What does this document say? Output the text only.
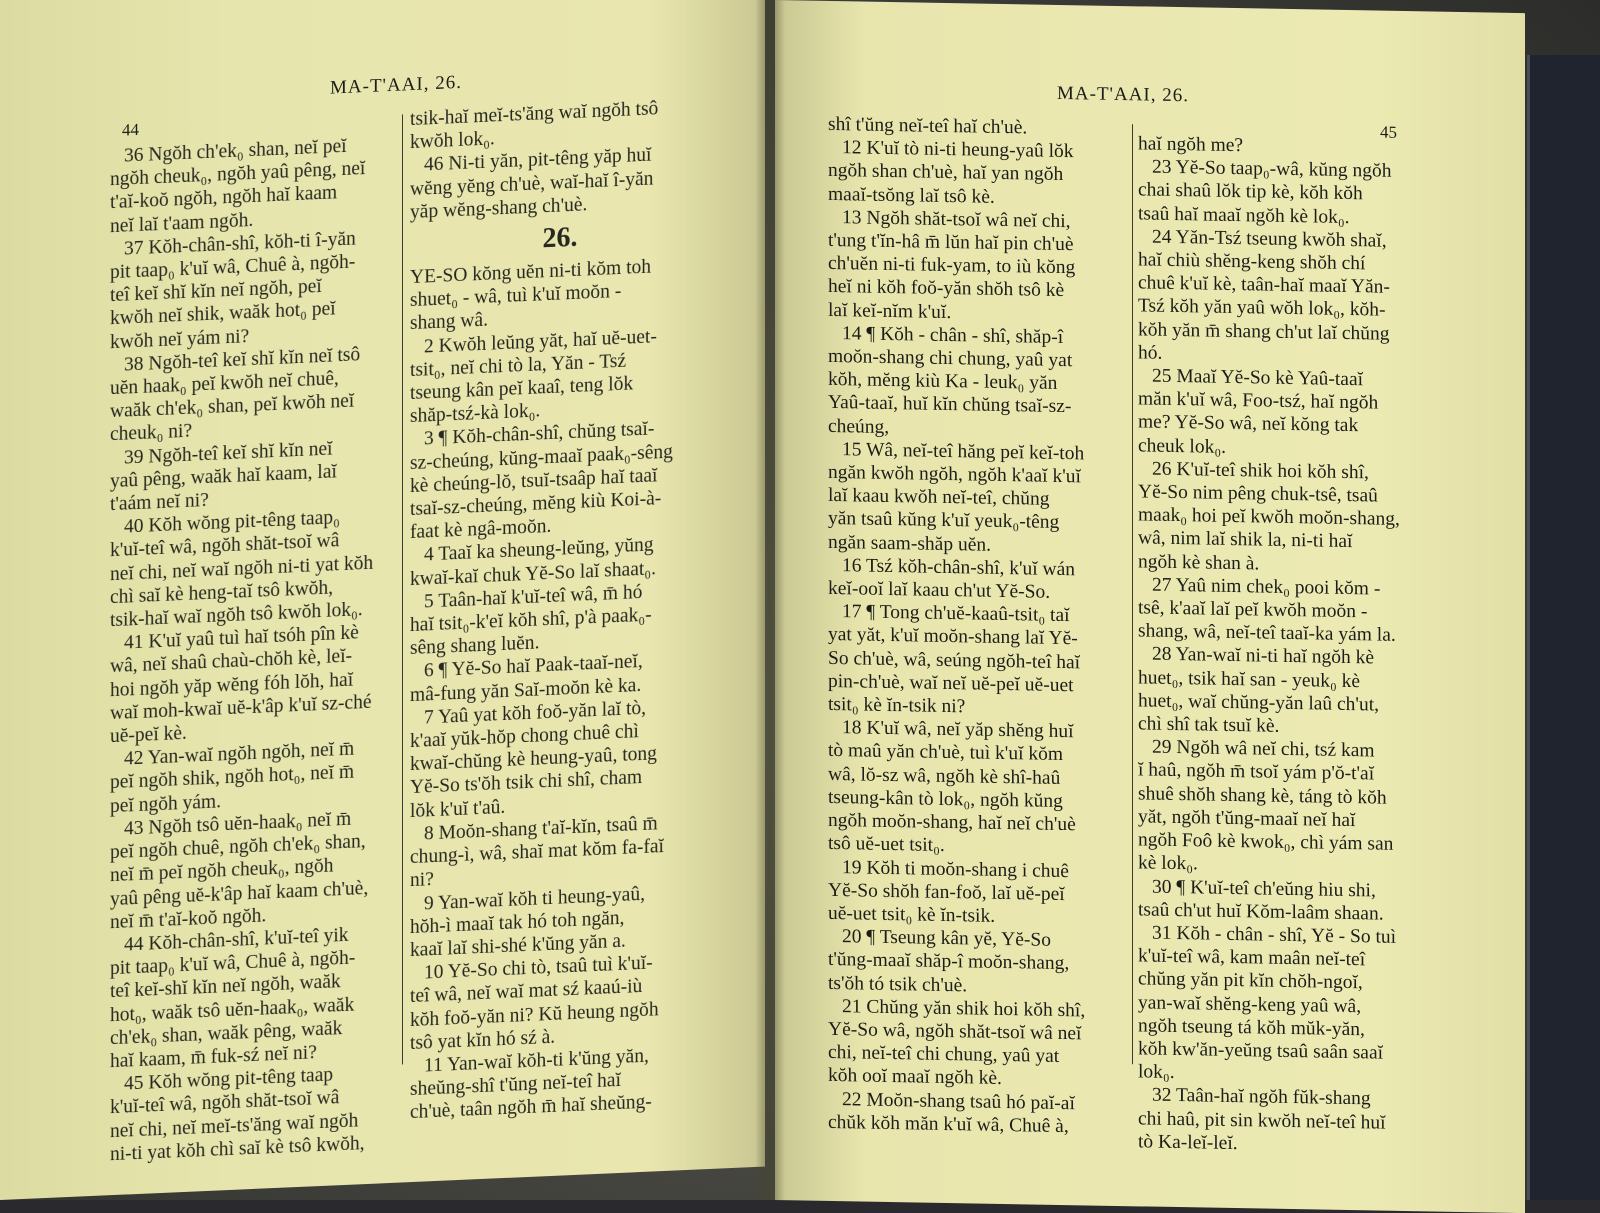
MA-T'AAI, 26.
44
36 Ngŏh ch'ek₀ shan, neĭ peĭ
ngŏh cheuk₀, ngŏh yaû pêng, neĭ
t'aĭ-koŏ ngŏh, ngŏh haĭ kaam
neĭ laĭ t'aam ngŏh.
37 Kŏh-chân-shî, kŏh-ti î-yăn
pit taap₀ k'uĭ wâ, Chuê à, ngŏh-
teî keĭ shĭ kĭn neĭ ngŏh, peĭ
kwŏh neĭ shik, waăk hot₀ peĭ
kwŏh neĭ yám ni?
38 Ngŏh-teî keĭ shĭ kĭn neĭ tsô
uĕn haak₀ peĭ kwŏh neĭ chuê,
waăk ch'ek₀ shan, peĭ kwŏh neĭ
cheuk₀ ni?
39 Ngŏh-teî keĭ shĭ kĭn neĭ
yaû pêng, waăk haĭ kaam, laĭ
t'aám neĭ ni?
40 Kŏh wŏng pit-têng taap₀
k'uĭ-teî wâ, ngŏh shăt-tsoĭ wâ
neĭ chi, neĭ waĭ ngŏh ni-ti yat kŏh
chì saĭ kè heng-taĭ tsô kwŏh,
tsik-haĭ waĭ ngŏh tsô kwŏh lok₀.
41 K'uĭ yaû tuì haĭ tsóh pîn kè
wâ, neĭ shaû chaù-chŏh kè, leĭ-
hoi ngŏh yăp wĕng fóh lŏh, haĭ
waĭ moh-kwaĭ uĕ-k'âp k'uĭ sz-ché
uĕ-peĭ kè.
42 Yan-waĭ ngŏh ngŏh, neĭ m̄
peĭ ngŏh shik, ngŏh hot₀, neĭ m̄
peĭ ngŏh yám.
43 Ngŏh tsô uĕn-haak₀ neĭ m̄
peĭ ngŏh chuê, ngŏh ch'ek₀ shan,
neĭ m̄ peĭ ngŏh cheuk₀, ngŏh
yaû pêng uĕ-k'âp haĭ kaam ch'uè,
neĭ m̄ t'aĭ-koŏ ngŏh.
44 Kŏh-chân-shî, k'uĭ-teî yik
pit taap₀ k'uĭ wâ, Chuê à, ngŏh-
teî keĭ-shĭ kĭn neĭ ngŏh, waăk
hot₀, waăk tsô uĕn-haak₀, waăk
ch'ek₀ shan, waăk pêng, waăk
haĭ kaam, m̄ fuk-sź neĭ ni?
45 Kŏh wŏng pit-têng taap
k'uĭ-teî wâ, ngŏh shăt-tsoĭ wâ
neĭ chi, neĭ meĭ-ts'ăng waĭ ngŏh
ni-ti yat kŏh chì saĭ kè tsô kwŏh,
tsik-haĭ meĭ-ts'ăng waĭ ngŏh tsô
kwŏh lok₀.
46 Ni-ti yăn, pit-têng yăp huĭ
wĕng yĕng ch'uè, waĭ-haĭ î-yăn
yăp wĕng-shang ch'uè.
26.
YE-SO kŏng uĕn ni-ti kŏm toh
shuet₀ - wâ, tuì k'uĭ moŏn -
shang wâ.
2 Kwŏh leŭng yăt, haĭ uĕ-uet-
tsit₀, neĭ chi tò la, Yăn - Tsź
tseung kân peĭ kaaî, teng lŏk
shăp-tsź-kà lok₀.
3 ¶ Kŏh-chân-shî, chŭng tsaĭ-
sz-cheúng, kŭng-maaĭ paak₀-sêng
kè cheúng-lŏ, tsuĭ-tsaâp haĭ taaĭ
tsaĭ-sz-cheúng, mĕng kiù Koi-à-
faat kè ngâ-moŏn.
4 Taaĭ ka sheung-leŭng, yŭng
kwaĭ-kaĭ chuk Yĕ-So laĭ shaat₀.
5 Taân-haĭ k'uĭ-teî wâ, m̄ hó
haĭ tsit₀-k'eĭ kŏh shî, p'à paak₀-
sêng shang luĕn.
6 ¶ Yĕ-So haĭ Paak-taaĭ-neĭ,
mâ-fung yăn Saĭ-moŏn kè ka.
7 Yaû yat kŏh foŏ-yăn laĭ tò,
k'aaĭ yŭk-hŏp chong chuê chì
kwaĭ-chŭng kè heung-yaû, tong
Yĕ-So ts'ŏh tsik chi shî, cham
lŏk k'uĭ t'aû.
8 Moŏn-shang t'aĭ-kĭn, tsaû m̄
chung-ì, wâ, shaĭ mat kŏm fa-faĭ
ni?
9 Yan-waĭ kŏh ti heung-yaû,
hŏh-ì maaĭ tak hó toh ngăn,
kaaĭ laĭ shi-shé k'ŭng yăn a.
10 Yĕ-So chi tò, tsaû tuì k'uĭ-
teî wâ, neĭ waĭ mat sź kaaú-iù
kŏh foŏ-yăn ni? Kŭ heung ngŏh
tsô yat kĭn hó sź à.
11 Yan-waĭ kŏh-ti k'ŭng yăn,
sheŭng-shî t'ŭng neĭ-teî haĭ
ch'uè, taân ngŏh m̄ haĭ sheŭng-
MA-T'AAI, 26.
45
shî t'ŭng neĭ-teî haĭ ch'uè.
12 K'uĭ tò ni-ti heung-yaû lŏk
ngŏh shan ch'uè, haĭ yan ngŏh
maaĭ-tsŏng laĭ tsô kè.
13 Ngŏh shăt-tsoĭ wâ neĭ chi,
t'ung t'ĭn-hâ m̄ lŭn haĭ pin ch'uè
ch'uĕn ni-ti fuk-yam, to iù kŏng
heĭ ni kŏh foŏ-yăn shŏh tsô kè
laĭ keĭ-nĭm k'uĭ.
14 ¶ Kŏh - chân - shî, shăp-î
moŏn-shang chi chung, yaû yat
kŏh, mĕng kiù Ka - leuk₀ yăn
Yaû-taaĭ, huĭ kĭn chŭng tsaĭ-sz-
cheúng,
15 Wâ, neĭ-teî hăng peĭ keĭ-toh
ngăn kwŏh ngŏh, ngŏh k'aaĭ k'uĭ
laĭ kaau kwŏh neĭ-teî, chŭng
yăn tsaû kŭng k'uĭ yeuk₀-têng
ngăn saam-shăp uĕn.
16 Tsź kŏh-chân-shî, k'uĭ wán
keĭ-ooĭ laĭ kaau ch'ut Yĕ-So.
17 ¶ Tong ch'uĕ-kaaû-tsit₀ taĭ
yat yăt, k'uĭ moŏn-shang laĭ Yĕ-
So ch'uè, wâ, seúng ngŏh-teî haĭ
pin-ch'uè, waĭ neĭ uĕ-peĭ uĕ-uet
tsit₀ kè ĭn-tsik ni?
18 K'uĭ wâ, neĭ yăp shĕng huĭ
tò maû yăn ch'uè, tuì k'uĭ kŏm
wâ, lŏ-sz wâ, ngŏh kè shî-haû
tseung-kân tò lok₀, ngŏh kŭng
ngŏh moŏn-shang, haĭ neĭ ch'uè
tsô uĕ-uet tsit₀.
19 Kŏh ti moŏn-shang i chuê
Yĕ-So shŏh fan-foŏ, laĭ uĕ-peĭ
uĕ-uet tsit₀ kè ĭn-tsik.
20 ¶ Tseung kân yĕ, Yĕ-So
t'ŭng-maaĭ shăp-î moŏn-shang,
ts'ŏh tó tsik ch'uè.
21 Chŭng yăn shik hoi kŏh shî,
Yĕ-So wâ, ngŏh shăt-tsoĭ wâ neĭ
chi, neĭ-teî chi chung, yaû yat
kŏh ooĭ maaĭ ngŏh kè.
22 Moŏn-shang tsaû hó paĭ-aĭ
chŭk kŏh măn k'uĭ wâ, Chuê à,
haĭ ngŏh me?
23 Yĕ-So taap₀-wâ, kŭng ngŏh
chai shaû lŏk tip kè, kŏh kŏh
tsaû haĭ maaĭ ngŏh kè lok₀.
24 Yăn-Tsź tseung kwŏh shaĭ,
haĭ chiù shĕng-keng shŏh chí
chuê k'uĭ kè, taân-haĭ maaĭ Yăn-
Tsź kŏh yăn yaû wŏh lok₀, kŏh-
kŏh yăn m̄ shang ch'ut laĭ chŭng
hó.
25 Maaĭ Yĕ-So kè Yaû-taaĭ
măn k'uĭ wâ, Foo-tsź, haĭ ngŏh
me? Yĕ-So wâ, neĭ kŏng tak
cheuk lok₀.
26 K'uĭ-teî shik hoi kŏh shî,
Yĕ-So nim pêng chuk-tsê, tsaû
maak₀ hoi peĭ kwŏh moŏn-shang,
wâ, nim laĭ shik la, ni-ti haĭ
ngŏh kè shan à.
27 Yaû nim chek₀ pooi kŏm -
tsê, k'aaĭ laĭ peĭ kwŏh moŏn -
shang, wâ, neĭ-teî taaĭ-ka yám la.
28 Yan-waĭ ni-ti haĭ ngŏh kè
huet₀, tsik haĭ san - yeuk₀ kè
huet₀, waĭ chŭng-yăn laû ch'ut,
chì shî tak tsuĭ kè.
29 Ngŏh wâ neĭ chi, tsź kam
ĭ haû, ngŏh m̄ tsoĭ yám p'ŏ-t'aĭ
shuê shŏh shang kè, táng tò kŏh
yăt, ngŏh t'ŭng-maaĭ neĭ haĭ
ngŏh Foô kè kwok₀, chì yám san
kè lok₀.
30 ¶ K'uĭ-teî ch'eŭng hiu shi,
tsaû ch'ut huĭ Kŏm-laâm shaan.
31 Kŏh - chân - shî, Yĕ - So tuì
k'uĭ-teî wâ, kam maân neĭ-teî
chŭng yăn pit kĭn chŏh-ngoĭ,
yan-waĭ shĕng-keng yaû wâ,
ngŏh tseung tá kŏh mŭk-yăn,
kŏh kw'ăn-yeŭng tsaû saân saaĭ
lok₀.
32 Taân-haĭ ngŏh fŭk-shang
chi haû, pit sin kwŏh neĭ-teî huĭ
tò Ka-leĭ-leĭ.
